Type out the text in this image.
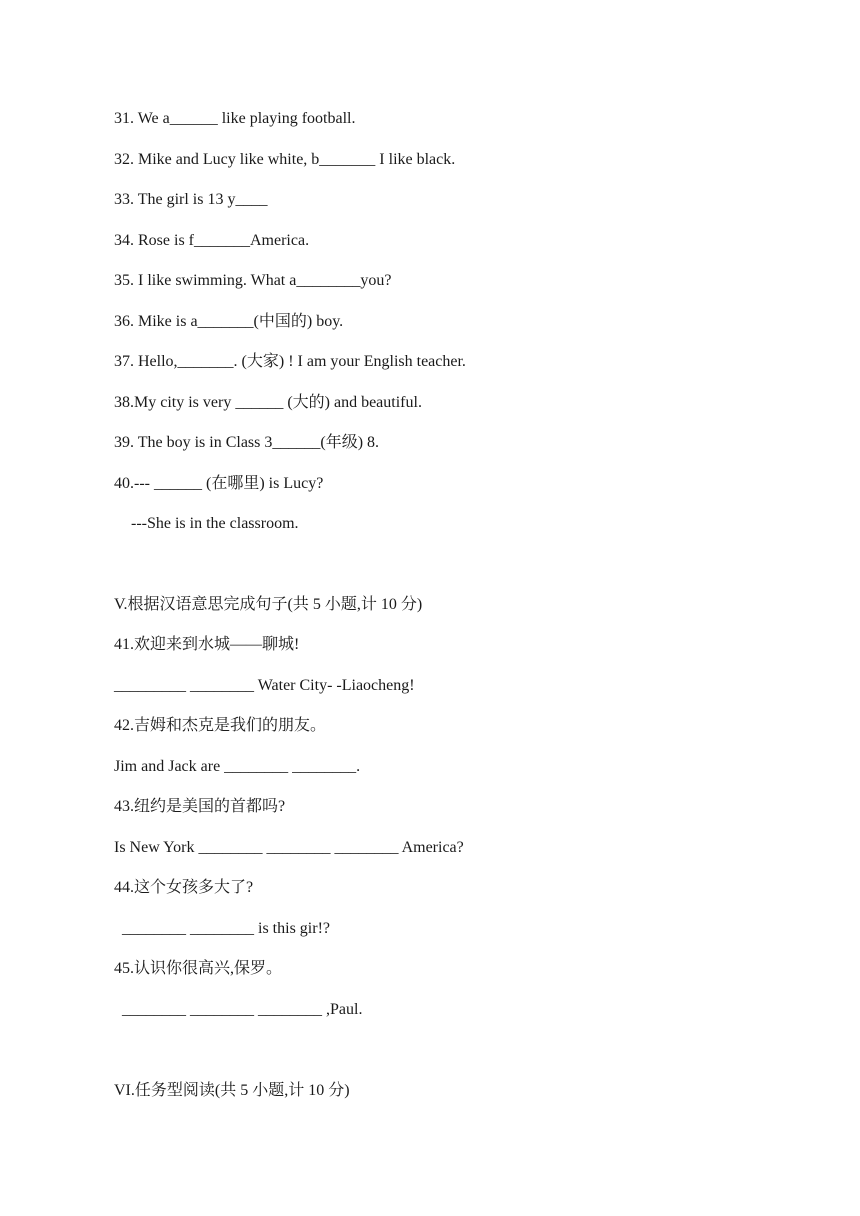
31. We a______ like playing football.
32. Mike and Lucy like white, b_______ I like black.
33. The girl is 13 y____
34. Rose is f_______America.
35. I like swimming. What a________you?
36. Mike is a_______(中国的) boy.
37. Hello,_______. (大家) ! I am your English teacher.
38.My city is very ______ (大的) and beautiful.
39. The boy is in Class 3______(年级) 8.
40.--- ______ (在哪里) is Lucy?
---She is in the classroom.
V.根据汉语意思完成句子(共 5 小题,计 10 分)
41.欢迎来到水城——聊城!
_________ ________ Water City- -Liaocheng!
42.吉姆和杰克是我们的朋友。
Jim and Jack are ________ ________.
43.纽约是美国的首都吗?
Is New York ________ ________ ________ America?
44.这个女孩多大了?
________ ________ is this gir!?
45.认识你很高兴,保罗。
________ ________ ________ ,Paul.
VI.任务型阅读(共 5 小题,计 10 分)
